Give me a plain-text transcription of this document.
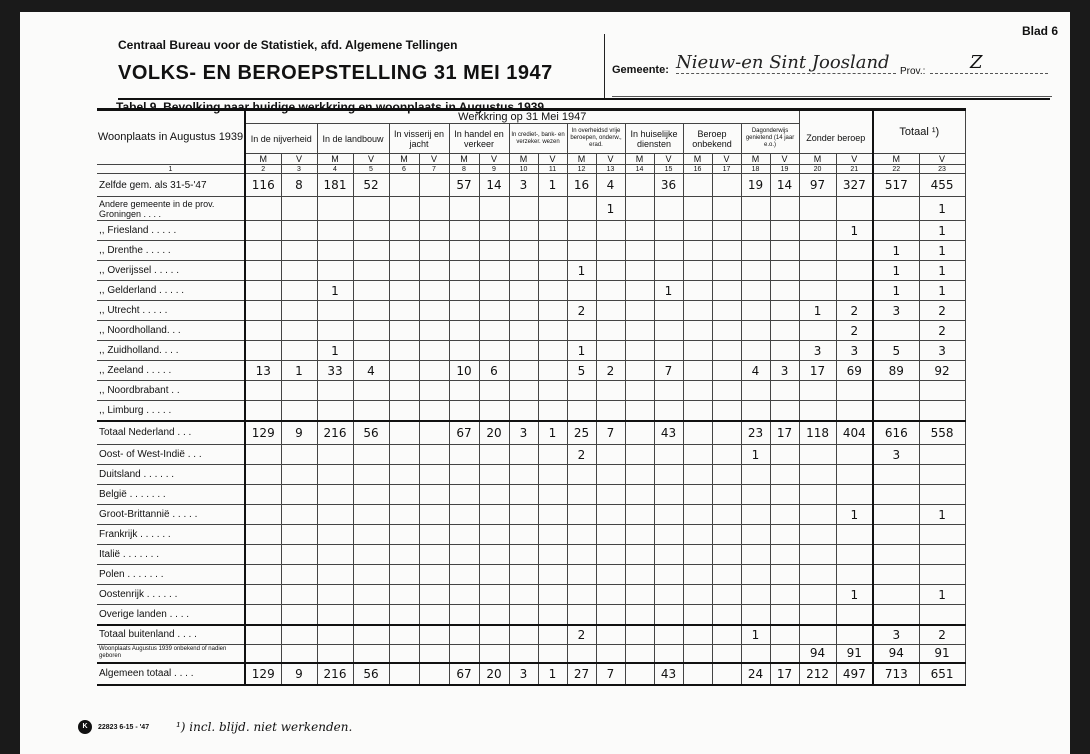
Blad 6
Centraal Bureau voor de Statistiek, afd. Algemene Tellingen
VOLKS- EN BEROEPSTELLING 31 MEI 1947	Gemeente: Nieuw-en Sint Joosland	Prov.:	Z
Tabel 9. Bevolking naar huidige werkkring en woonplaats in Augustus 1939
Woonplaats in Augustus 1939	Werkkring op 31 Mei 1947																				Totaal ¹)	
	In de nijverheid		In de landbouw		In visserij en jacht		In handel en verkeer		In crediet-, bank- en verzeker. wezen		In overheidsd vrije beroepen, onderw., erad.		In huiselijke diensten		Beroep onbekend		Dagonderwijs genietend (14 jaar e.o.)		Zonder beroep			
	M	V	M	V	M	V	M	V	M	V	M	V	M	V	M	V	M	V	M	V	M	V
1	2	3	4	5	6	7	8	9	10	11	12	13	14	15	16	17	18	19	20	21	22	23
Zelfde gem. als 31-5-'47	116	8	181	52			57	14	3	1	16	4		36			19	14	97	327	517	455
Andere gemeente in de prov. Groningen . . . .												1										1
,, Friesland . . . . .																				1		1
,, Drenthe . . . . .																					1	1
,, Overijssel . . . . .											1										1	1
,, Gelderland . . . . .			1											1							1	1
,, Utrecht . . . . .											2								1	2	3	2
,, Noordholland. . .																				2		2
,, Zuidholland. . . .			1								1								3	3	5	3
,, Zeeland . . . . .	13	1	33	4			10	6			5	2		7			4	3	17	69	89	92
,, Noordbrabant . .																						
,, Limburg . . . . .																						
Totaal Nederland . . .	129	9	216	56			67	20	3	1	25	7		43			23	17	118	404	616	558
Oost- of West-Indië . . .											2						1				3	
Duitsland . . . . . .																						
België . . . . . . .																						
Groot-Brittannië . . . . .																				1		1
Frankrijk . . . . . .																						
Italië . . . . . . .																						
Polen . . . . . . .																						
Oostenrijk . . . . . .																				1		1
Overige landen . . . .																						
Totaal buitenland . . . .											2						1				3	2
Woonplaats Augustus 1939 onbekend of nadien geboren																			94	91	94	91
Algemeen totaal . . . .	129	9	216	56			67	20	3	1	27	7		43			24	17	212	497	713	651
K	22823 6-15 - '47 ¹) incl. blijd. niet werkenden.
